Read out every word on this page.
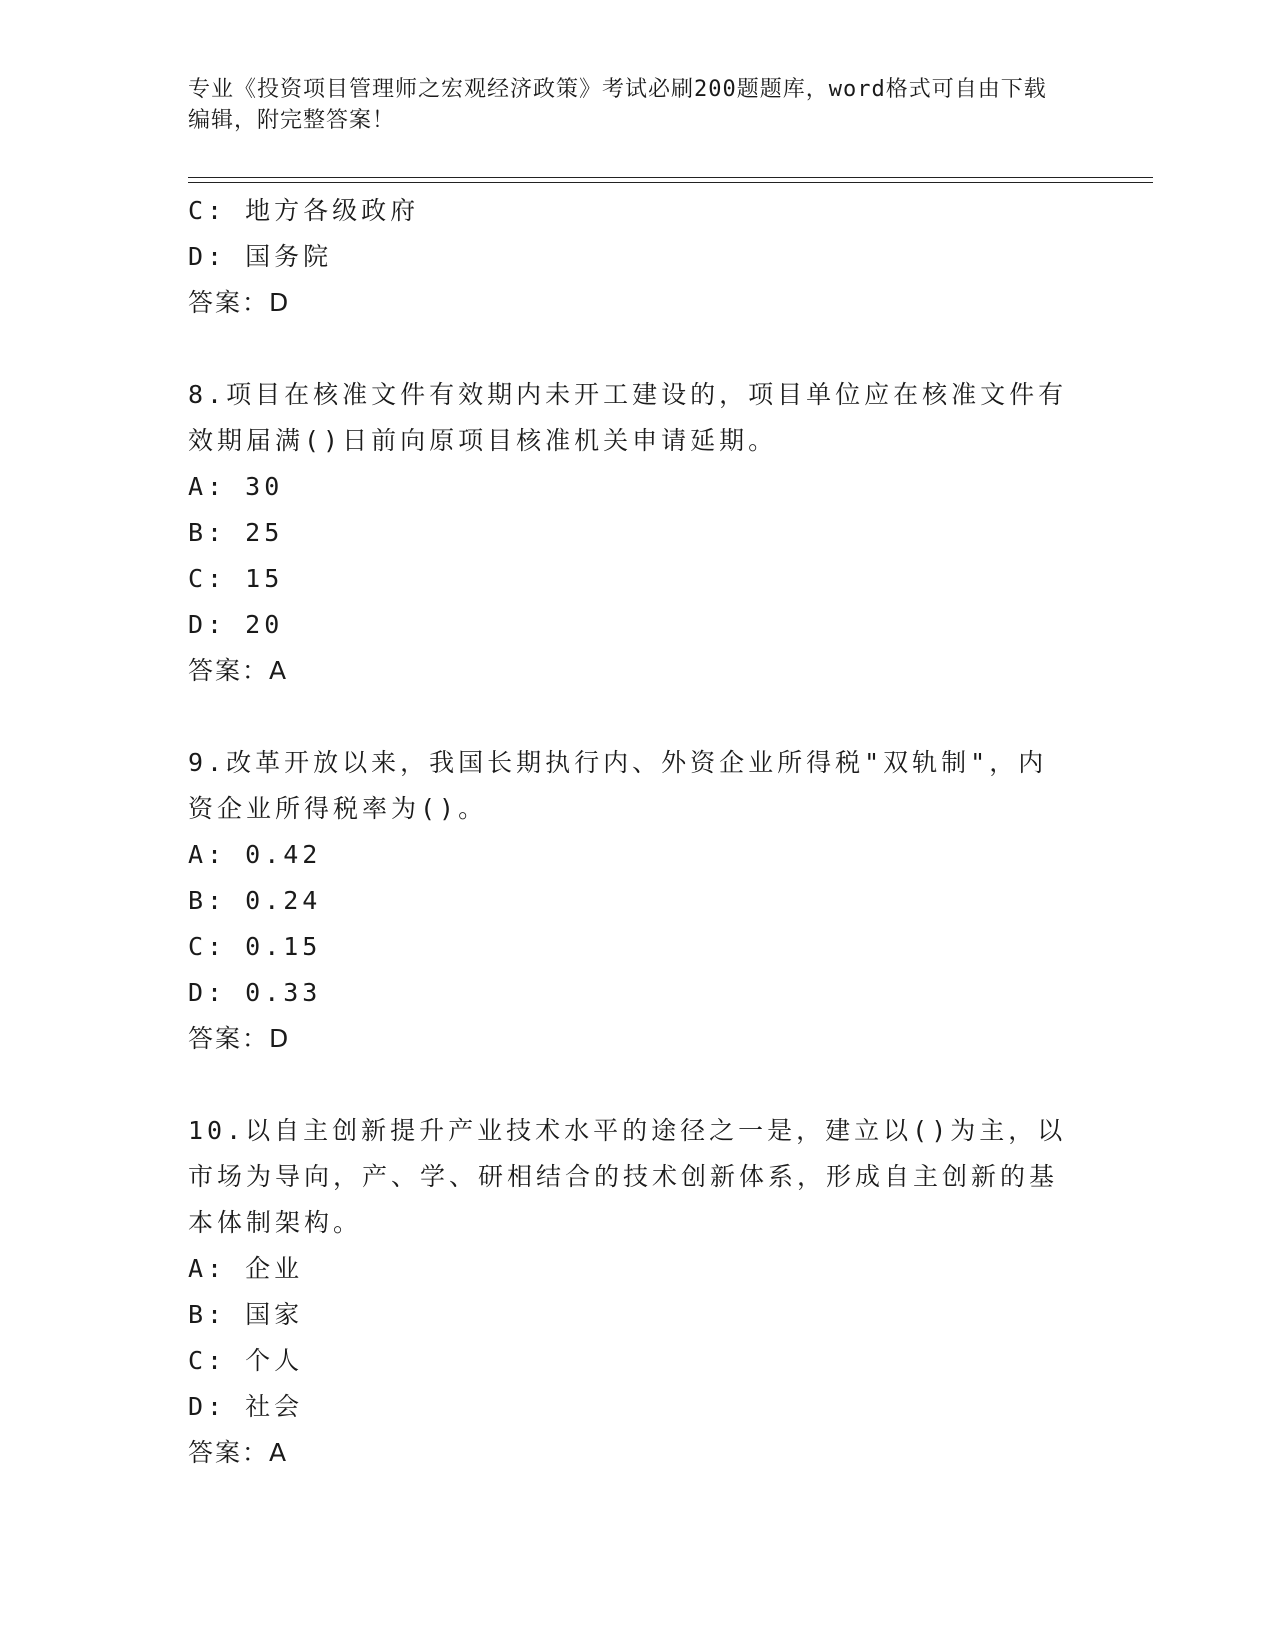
专业《投资项目管理师之宏观经济政策》考试必刷200题题库，word格式可自由下载编辑，附完整答案！
C: 地方各级政府
D: 国务院
答案：D
8.项目在核准文件有效期内未开工建设的，项目单位应在核准文件有效期届满()日前向原项目核准机关申请延期。
A: 30
B: 25
C: 15
D: 20
答案：A
9.改革开放以来，我国长期执行内、外资企业所得税"双轨制"，内资企业所得税率为()。
A: 0.42
B: 0.24
C: 0.15
D: 0.33
答案：D
10.以自主创新提升产业技术水平的途径之一是，建立以()为主，以市场为导向，产、学、研相结合的技术创新体系，形成自主创新的基本体制架构。
A: 企业
B: 国家
C: 个人
D: 社会
答案：A
